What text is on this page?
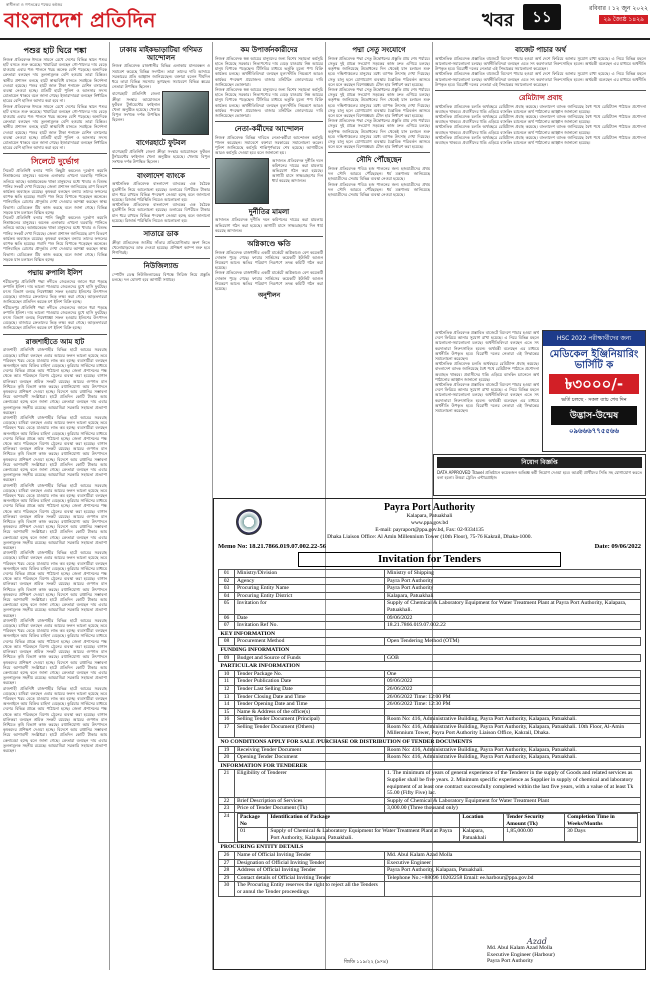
স্বাধীনতা ও গণতন্ত্রের পক্ষের কণ্ঠস্বর
বাংলাদেশ প্রতিদিন	খবর	১১	রবিবার । ১২ জুন ২০২২
২৯ জ্যৈষ্ঠ ১৪২৯
পশুর হাট ঘিরে শঙ্কা
নিজস্ব প্রতিবেদক ঈদকে সামনে রেখে দেশের বিভিন্ন স্থানে পশুর হাট বসতে শুরু করেছে। খামারিরা বলছেন গো-খাদ্যের দাম বেড়ে যাওয়ায় এবার পশু পালনে খরচ অনেক বেশি পড়েছে। অন্যদিকে ক্রেতারা বলছেন দাম তুলনামূলক বেশি হওয়ায় তারা চিন্তিত। স্থানীয় প্রশাসন বলছে হাটে স্বাস্থ্যবিধি মানতে সবাইকে নির্দেশনা দেওয়া হয়েছে। পশুর হাটে জাল টাকা শনাক্তে মেশিন বসানোর ব্যবস্থা নেওয়া হচ্ছে। প্রতিটি হাটে পুলিশ ও আনসার সদস্য মোতায়েন থাকবে বলে জানা গেছে। ইজারাদাররা বলছেন নির্ধারিত হারের বেশি হাসিল আদায় করা হবে না।
নিজস্ব প্রতিবেদক ঈদকে সামনে রেখে দেশের বিভিন্ন স্থানে পশুর হাট বসতে শুরু করেছে। খামারিরা বলছেন গো-খাদ্যের দাম বেড়ে যাওয়ায় এবার পশু পালনে খরচ অনেক বেশি পড়েছে। অন্যদিকে ক্রেতারা বলছেন দাম তুলনামূলক বেশি হওয়ায় তারা চিন্তিত। স্থানীয় প্রশাসন বলছে হাটে স্বাস্থ্যবিধি মানতে সবাইকে নির্দেশনা দেওয়া হয়েছে। পশুর হাটে জাল টাকা শনাক্তে মেশিন বসানোর ব্যবস্থা নেওয়া হচ্ছে। প্রতিটি হাটে পুলিশ ও আনসার সদস্য মোতায়েন থাকবে বলে জানা গেছে। ইজারাদাররা বলছেন নির্ধারিত হারের বেশি হাসিল আদায় করা হবে না।
সিলেটে দুর্ভোগ
সিলেট প্রতিনিধি বন্যার পানি কিছুটা কমলেও দুর্ভোগ কমেনি নিম্নাঞ্চলের মানুষের। অনেক এলাকায় এখনো ঘরবাড়ি পানিতে তলিয়ে আছে। আশ্রয়কেন্দ্রে থাকা মানুষদের মধ্যে খাবার ও বিশুদ্ধ পানির সংকট দেখা দিয়েছে। জেলা প্রশাসন জানিয়েছে ত্রাণ বিতরণ কার্যক্রম অব্যাহত রয়েছে। কৃষকরা বলছেন বন্যায় তাদের ফসলের ব্যাপক ক্ষতি হয়েছে। গবাদি পশু নিয়ে বিপাকে পড়েছেন অনেকে। পানিবাহিত রোগের প্রাদুর্ভাব দেখা দেওয়ার আশঙ্কা করছেন স্বাস্থ্য বিভাগ। মেডিকেল টিম কাজ করছে বলে জানা গেছে। বিভিন্ন সড়কে যান চলাচল বিঘ্নিত হচ্ছে।
সিলেট প্রতিনিধি বন্যার পানি কিছুটা কমলেও দুর্ভোগ কমেনি নিম্নাঞ্চলের মানুষের। অনেক এলাকায় এখনো ঘরবাড়ি পানিতে তলিয়ে আছে। আশ্রয়কেন্দ্রে থাকা মানুষদের মধ্যে খাবার ও বিশুদ্ধ পানির সংকট দেখা দিয়েছে। জেলা প্রশাসন জানিয়েছে ত্রাণ বিতরণ কার্যক্রম অব্যাহত রয়েছে। কৃষকরা বলছেন বন্যায় তাদের ফসলের ব্যাপক ক্ষতি হয়েছে। গবাদি পশু নিয়ে বিপাকে পড়েছেন অনেকে। পানিবাহিত রোগের প্রাদুর্ভাব দেখা দেওয়ার আশঙ্কা করছেন স্বাস্থ্য বিভাগ। মেডিকেল টিম কাজ করছে বলে জানা গেছে। বিভিন্ন সড়কে যান চলাচল বিঘ্নিত হচ্ছে।
পদ্মায় রুপালি ইলিশ
শরীয়তপুর প্রতিনিধি পদ্মা নদীতে জেলেদের জালে ধরা পড়ছে রুপালি ইলিশ। দাম ভালো পাওয়ায় জেলেদের মুখে হাসি ফুটেছে। মৎস্য বিভাগ বলছে নিষেধাজ্ঞা সফল হওয়ায় ইলিশের উৎপাদন বেড়েছে। বাজারে ক্রেতাদের ভিড় লক্ষ্য করা গেছে। আড়তদাররা জানিয়েছেন প্রতিদিন কয়েক মণ ইলিশ বিক্রি হচ্ছে।
শরীয়তপুর প্রতিনিধি পদ্মা নদীতে জেলেদের জালে ধরা পড়ছে রুপালি ইলিশ। দাম ভালো পাওয়ায় জেলেদের মুখে হাসি ফুটেছে। মৎস্য বিভাগ বলছে নিষেধাজ্ঞা সফল হওয়ায় ইলিশের উৎপাদন বেড়েছে। বাজারে ক্রেতাদের ভিড় লক্ষ্য করা গেছে। আড়তদাররা জানিয়েছেন প্রতিদিন কয়েক মণ ইলিশ বিক্রি হচ্ছে।
রাজশাহীতে আম হাট
রাজশাহী প্রতিনিধি রাজশাহীর বিভিন্ন হাটে আমের সরবরাহ বেড়েছে। চাষিরা বলছেন এবার আমের ফলন ভালো হয়েছে তবে পরিবহন খরচ বেড়ে যাওয়ায় লাভ কম হচ্ছে। ব্যবসায়ীরা বলছেন অনলাইনে আম বিক্রির চাহিদা বেড়েছে। কুরিয়ার সার্ভিসের মাধ্যমে দেশের বিভিন্ন প্রান্তে আম পাঠানো হচ্ছে। জেলা প্রশাসনের পক্ষ থেকে আম পরিবহনে বিশেষ ট্রেনের ব্যবস্থা করা হয়েছে। বাগান মালিকরা বলছেন শ্রমিক সংকট রয়েছে। আমের গুণগত মান নিশ্চিতে কৃষি বিভাগ কাজ করছে। রপ্তানিযোগ্য আম উৎপাদনে কৃষকদের প্রশিক্ষণ দেওয়া হচ্ছে। বিদেশে আম রপ্তানির সম্ভাবনা নিয়ে আশাবাদী সংশ্লিষ্টরা। হাটে প্রতিদিন কোটি টাকার আম কেনাবেচা হচ্ছে বলে জানা গেছে। ক্রেতারা বলছেন দাম এবার তুলনামূলক সহনীয় রয়েছে। আমচাষিরা সরকারি সহায়তা প্রত্যাশা করছেন।
রাজশাহী প্রতিনিধি রাজশাহীর বিভিন্ন হাটে আমের সরবরাহ বেড়েছে। চাষিরা বলছেন এবার আমের ফলন ভালো হয়েছে তবে পরিবহন খরচ বেড়ে যাওয়ায় লাভ কম হচ্ছে। ব্যবসায়ীরা বলছেন অনলাইনে আম বিক্রির চাহিদা বেড়েছে। কুরিয়ার সার্ভিসের মাধ্যমে দেশের বিভিন্ন প্রান্তে আম পাঠানো হচ্ছে। জেলা প্রশাসনের পক্ষ থেকে আম পরিবহনে বিশেষ ট্রেনের ব্যবস্থা করা হয়েছে। বাগান মালিকরা বলছেন শ্রমিক সংকট রয়েছে। আমের গুণগত মান নিশ্চিতে কৃষি বিভাগ কাজ করছে। রপ্তানিযোগ্য আম উৎপাদনে কৃষকদের প্রশিক্ষণ দেওয়া হচ্ছে। বিদেশে আম রপ্তানির সম্ভাবনা নিয়ে আশাবাদী সংশ্লিষ্টরা। হাটে প্রতিদিন কোটি টাকার আম কেনাবেচা হচ্ছে বলে জানা গেছে। ক্রেতারা বলছেন দাম এবার তুলনামূলক সহনীয় রয়েছে। আমচাষিরা সরকারি সহায়তা প্রত্যাশা করছেন।
রাজশাহী প্রতিনিধি রাজশাহীর বিভিন্ন হাটে আমের সরবরাহ বেড়েছে। চাষিরা বলছেন এবার আমের ফলন ভালো হয়েছে তবে পরিবহন খরচ বেড়ে যাওয়ায় লাভ কম হচ্ছে। ব্যবসায়ীরা বলছেন অনলাইনে আম বিক্রির চাহিদা বেড়েছে। কুরিয়ার সার্ভিসের মাধ্যমে দেশের বিভিন্ন প্রান্তে আম পাঠানো হচ্ছে। জেলা প্রশাসনের পক্ষ থেকে আম পরিবহনে বিশেষ ট্রেনের ব্যবস্থা করা হয়েছে। বাগান মালিকরা বলছেন শ্রমিক সংকট রয়েছে। আমের গুণগত মান নিশ্চিতে কৃষি বিভাগ কাজ করছে। রপ্তানিযোগ্য আম উৎপাদনে কৃষকদের প্রশিক্ষণ দেওয়া হচ্ছে। বিদেশে আম রপ্তানির সম্ভাবনা নিয়ে আশাবাদী সংশ্লিষ্টরা। হাটে প্রতিদিন কোটি টাকার আম কেনাবেচা হচ্ছে বলে জানা গেছে। ক্রেতারা বলছেন দাম এবার তুলনামূলক সহনীয় রয়েছে। আমচাষিরা সরকারি সহায়তা প্রত্যাশা করছেন।
রাজশাহী প্রতিনিধি রাজশাহীর বিভিন্ন হাটে আমের সরবরাহ বেড়েছে। চাষিরা বলছেন এবার আমের ফলন ভালো হয়েছে তবে পরিবহন খরচ বেড়ে যাওয়ায় লাভ কম হচ্ছে। ব্যবসায়ীরা বলছেন অনলাইনে আম বিক্রির চাহিদা বেড়েছে। কুরিয়ার সার্ভিসের মাধ্যমে দেশের বিভিন্ন প্রান্তে আম পাঠানো হচ্ছে। জেলা প্রশাসনের পক্ষ থেকে আম পরিবহনে বিশেষ ট্রেনের ব্যবস্থা করা হয়েছে। বাগান মালিকরা বলছেন শ্রমিক সংকট রয়েছে। আমের গুণগত মান নিশ্চিতে কৃষি বিভাগ কাজ করছে। রপ্তানিযোগ্য আম উৎপাদনে কৃষকদের প্রশিক্ষণ দেওয়া হচ্ছে। বিদেশে আম রপ্তানির সম্ভাবনা নিয়ে আশাবাদী সংশ্লিষ্টরা। হাটে প্রতিদিন কোটি টাকার আম কেনাবেচা হচ্ছে বলে জানা গেছে। ক্রেতারা বলছেন দাম এবার তুলনামূলক সহনীয় রয়েছে। আমচাষিরা সরকারি সহায়তা প্রত্যাশা করছেন।
রাজশাহী প্রতিনিধি রাজশাহীর বিভিন্ন হাটে আমের সরবরাহ বেড়েছে। চাষিরা বলছেন এবার আমের ফলন ভালো হয়েছে তবে পরিবহন খরচ বেড়ে যাওয়ায় লাভ কম হচ্ছে। ব্যবসায়ীরা বলছেন অনলাইনে আম বিক্রির চাহিদা বেড়েছে। কুরিয়ার সার্ভিসের মাধ্যমে দেশের বিভিন্ন প্রান্তে আম পাঠানো হচ্ছে। জেলা প্রশাসনের পক্ষ থেকে আম পরিবহনে বিশেষ ট্রেনের ব্যবস্থা করা হয়েছে। বাগান মালিকরা বলছেন শ্রমিক সংকট রয়েছে। আমের গুণগত মান নিশ্চিতে কৃষি বিভাগ কাজ করছে। রপ্তানিযোগ্য আম উৎপাদনে কৃষকদের প্রশিক্ষণ দেওয়া হচ্ছে। বিদেশে আম রপ্তানির সম্ভাবনা নিয়ে আশাবাদী সংশ্লিষ্টরা। হাটে প্রতিদিন কোটি টাকার আম কেনাবেচা হচ্ছে বলে জানা গেছে। ক্রেতারা বলছেন দাম এবার তুলনামূলক সহনীয় রয়েছে। আমচাষিরা সরকারি সহায়তা প্রত্যাশা করছেন।
রাজশাহী প্রতিনিধি রাজশাহীর বিভিন্ন হাটে আমের সরবরাহ বেড়েছে। চাষিরা বলছেন এবার আমের ফলন ভালো হয়েছে তবে পরিবহন খরচ বেড়ে যাওয়ায় লাভ কম হচ্ছে। ব্যবসায়ীরা বলছেন অনলাইনে আম বিক্রির চাহিদা বেড়েছে। কুরিয়ার সার্ভিসের মাধ্যমে দেশের বিভিন্ন প্রান্তে আম পাঠানো হচ্ছে। জেলা প্রশাসনের পক্ষ থেকে আম পরিবহনে বিশেষ ট্রেনের ব্যবস্থা করা হয়েছে। বাগান মালিকরা বলছেন শ্রমিক সংকট রয়েছে। আমের গুণগত মান নিশ্চিতে কৃষি বিভাগ কাজ করছে। রপ্তানিযোগ্য আম উৎপাদনে কৃষকদের প্রশিক্ষণ দেওয়া হচ্ছে। বিদেশে আম রপ্তানির সম্ভাবনা নিয়ে আশাবাদী সংশ্লিষ্টরা। হাটে প্রতিদিন কোটি টাকার আম কেনাবেচা হচ্ছে বলে জানা গেছে। ক্রেতারা বলছেন দাম এবার তুলনামূলক সহনীয় রয়েছে। আমচাষিরা সরকারি সহায়তা প্রত্যাশা করছেন।
ঢাকায় মাইকভাড়াটিয়া গণিমত আন্দোলন
নিজস্ব প্রতিবেদক রাজধানীর বিভিন্ন এলাকায় মানববন্ধন ও সমাবেশ করেছে বিভিন্ন সংগঠন। তারা তাদের দাবি আদায়ে সরকারের প্রতি আহ্বান জানিয়েছেন। বক্তারা বলেন দীর্ঘদিন ধরে তারা বিভিন্ন সমস্যায় ভুগছেন। সমাবেশে বিভিন্ন স্তরের নেতারা উপস্থিত ছিলেন।
বাগেরহাট প্রতিনিধি জেলা ক্রীড়া সংস্থার আয়োজনে ফুটবল টুর্নামেন্টের ফাইনাল খেলা অনুষ্ঠিত হয়েছে। খেলায় বিপুল সংখ্যক দর্শক উপস্থিত ছিলেন।
বাগেরহাটে ফুটবল
বাগেরহাট প্রতিনিধি জেলা ক্রীড়া সংস্থার আয়োজনে ফুটবল টুর্নামেন্টের ফাইনাল খেলা অনুষ্ঠিত হয়েছে। খেলায় বিপুল সংখ্যক দর্শক উপস্থিত ছিলেন।
বাংলাদেশ ব্যাংকে
অর্থনৈতিক প্রতিবেদক বাংলাদেশ ব্যাংকের এক বৈঠকে মুদ্রানীতি নিয়ে আলোচনা হয়েছে। ডলারের বিপরীতে টাকার মান ধরে রাখতে বিভিন্ন পদক্ষেপ নেওয়া হচ্ছে বলে জানানো হয়েছে। রিজার্ভ পরিস্থিতি নিয়েও আলোচনা হয়।
অর্থনৈতিক প্রতিবেদক বাংলাদেশ ব্যাংকের এক বৈঠকে মুদ্রানীতি নিয়ে আলোচনা হয়েছে। ডলারের বিপরীতে টাকার মান ধরে রাখতে বিভিন্ন পদক্ষেপ নেওয়া হচ্ছে বলে জানানো হয়েছে। রিজার্ভ পরিস্থিতি নিয়েও আলোচনা হয়।
সাতারে ডাক
ক্রীড়া প্রতিবেদক জাতীয় সাঁতার প্রতিযোগিতায় অংশ নিতে খেলোয়াড়দের ডাক দেওয়া হয়েছে। প্রশিক্ষণ ক্যাম্প শুরু হবে শিগগিরই।
নিউজিল্যান্ড
স্পোর্টস ডেস্ক নিউজিল্যান্ডের বিপক্ষে সিরিজ নিয়ে প্রস্তুতি চলছে। দল ঘোষণা হবে আগামী সপ্তাহে।
কম উপার্জনকারীদের
নিজস্ব প্রতিবেদক স্বল্প আয়ের মানুষদের জন্য বিশেষ সহায়তা কর্মসূচি হাতে নিয়েছে সরকার। নিত্যপণ্যের দাম বেড়ে যাওয়ায় নিম্ন আয়ের মানুষ বিপাকে পড়েছেন। টিসিবির মাধ্যমে ভর্তুকি মূল্যে পণ্য বিক্রি কার্যক্রম চলছে। অর্থনীতিবিদরা বলছেন মূল্যস্ফীতি নিয়ন্ত্রণে আরও কার্যকর পদক্ষেপ প্রয়োজন। বাজার মনিটরিং জোরদারের দাবি জানিয়েছেন ভোক্তারা।
নিজস্ব প্রতিবেদক স্বল্প আয়ের মানুষদের জন্য বিশেষ সহায়তা কর্মসূচি হাতে নিয়েছে সরকার। নিত্যপণ্যের দাম বেড়ে যাওয়ায় নিম্ন আয়ের মানুষ বিপাকে পড়েছেন। টিসিবির মাধ্যমে ভর্তুকি মূল্যে পণ্য বিক্রি কার্যক্রম চলছে। অর্থনীতিবিদরা বলছেন মূল্যস্ফীতি নিয়ন্ত্রণে আরও কার্যকর পদক্ষেপ প্রয়োজন। বাজার মনিটরিং জোরদারের দাবি জানিয়েছেন ভোক্তারা।
নেতা-কর্মীদের আন্দোলন
নিজস্ব প্রতিবেদক বিভিন্ন দাবিতে নেতা-কর্মীরা আন্দোলন কর্মসূচি পালন করেছেন। সমাবেশে বক্তারা সরকারের সমালোচনা করেন। পুলিশ জানিয়েছে কর্মসূচি শান্তিপূর্ণভাবে শেষ হয়েছে। আগামীতে আরও কর্মসূচি দেওয়া হবে বলে জানানো হয়।
আদালত প্রতিবেদক দুর্নীতি দমন কমিশনের দায়ের করা মামলায় অভিযোগ গঠন করা হয়েছে। আগামী মাসে সাক্ষ্যগ্রহণের দিন ধার্য করেছে আদালত।
দুর্নীতির মামলা
আদালত প্রতিবেদক দুর্নীতি দমন কমিশনের দায়ের করা মামলায় অভিযোগ গঠন করা হয়েছে। আগামী মাসে সাক্ষ্যগ্রহণের দিন ধার্য করেছে আদালত।
অগ্নিকাণ্ডে ক্ষতি
নিজস্ব প্রতিবেদক রাজধানীর একটি মার্কেটে অগ্নিকাণ্ডে বেশ কয়েকটি দোকান পুড়ে গেছে। ফায়ার সার্ভিসের কয়েকটি ইউনিট আগুন নিয়ন্ত্রণে আনে। ক্ষতির পরিমাণ নিরূপণে তদন্ত কমিটি গঠন করা হয়েছে।
নিজস্ব প্রতিবেদক রাজধানীর একটি মার্কেটে অগ্নিকাণ্ডে বেশ কয়েকটি দোকান পুড়ে গেছে। ফায়ার সার্ভিসের কয়েকটি ইউনিট আগুন নিয়ন্ত্রণে আনে। ক্ষতির পরিমাণ নিরূপণে তদন্ত কমিটি গঠন করা হয়েছে।
অনুশীলন
পদ্মা সেতু সংযোগে
নিজস্ব প্রতিবেদক পদ্মা সেতু উদ্বোধনের প্রস্তুতি প্রায় শেষ পর্যায়ে। সেতুর দুই প্রান্তে সংযোগ সড়কের কাজ দ্রুত এগিয়ে চলছে। কর্তৃপক্ষ জানিয়েছে উদ্বোধনের দিন থেকেই যান চলাচল শুরু হবে। দক্ষিণাঞ্চলের মানুষের মধ্যে ব্যাপক উৎসাহ দেখা দিয়েছে। সেতু চালু হলে যোগাযোগ ব্যবস্থায় বৈপ্লবিক পরিবর্তন আসবে বলে মনে করছেন বিশেষজ্ঞরা। টোল হার নির্ধারণ করা হয়েছে।
নিজস্ব প্রতিবেদক পদ্মা সেতু উদ্বোধনের প্রস্তুতি প্রায় শেষ পর্যায়ে। সেতুর দুই প্রান্তে সংযোগ সড়কের কাজ দ্রুত এগিয়ে চলছে। কর্তৃপক্ষ জানিয়েছে উদ্বোধনের দিন থেকেই যান চলাচল শুরু হবে। দক্ষিণাঞ্চলের মানুষের মধ্যে ব্যাপক উৎসাহ দেখা দিয়েছে। সেতু চালু হলে যোগাযোগ ব্যবস্থায় বৈপ্লবিক পরিবর্তন আসবে বলে মনে করছেন বিশেষজ্ঞরা। টোল হার নির্ধারণ করা হয়েছে।
নিজস্ব প্রতিবেদক পদ্মা সেতু উদ্বোধনের প্রস্তুতি প্রায় শেষ পর্যায়ে। সেতুর দুই প্রান্তে সংযোগ সড়কের কাজ দ্রুত এগিয়ে চলছে। কর্তৃপক্ষ জানিয়েছে উদ্বোধনের দিন থেকেই যান চলাচল শুরু হবে। দক্ষিণাঞ্চলের মানুষের মধ্যে ব্যাপক উৎসাহ দেখা দিয়েছে। সেতু চালু হলে যোগাযোগ ব্যবস্থায় বৈপ্লবিক পরিবর্তন আসবে বলে মনে করছেন বিশেষজ্ঞরা। টোল হার নির্ধারণ করা হয়েছে।
সৌদি পৌঁছেছেন
নিজস্ব প্রতিবেদক পবিত্র হজ পালনের জন্য হজযাত্রীদের প্রথম দল সৌদি আরবে পৌঁছেছেন। ধর্ম মন্ত্রণালয় জানিয়েছে হজযাত্রীদের সেবায় বিভিন্ন ব্যবস্থা নেওয়া হয়েছে।
নিজস্ব প্রতিবেদক পবিত্র হজ পালনের জন্য হজযাত্রীদের প্রথম দল সৌদি আরবে পৌঁছেছেন। ধর্ম মন্ত্রণালয় জানিয়েছে হজযাত্রীদের সেবায় বিভিন্ন ব্যবস্থা নেওয়া হয়েছে।
বাজেট পাচার অর্থ
অর্থনৈতিক প্রতিবেদক প্রস্তাবিত বাজেটে বিদেশে পাচার হওয়া অর্থ দেশে ফিরিয়ে আনার সুযোগ রাখা হয়েছে। এ নিয়ে বিভিন্ন মহলে আলোচনা-সমালোচনা চলছে। অর্থনীতিবিদরা বলছেন এতে সৎ করদাতারা নিরুৎসাহিত হবেন। অর্থমন্ত্রী বলেছেন এর মাধ্যমে অর্থনীতি উপকৃত হবে। বিরোধী দলের নেতারা এই সিদ্ধান্তের সমালোচনা করেছেন।
অর্থনৈতিক প্রতিবেদক প্রস্তাবিত বাজেটে বিদেশে পাচার হওয়া অর্থ দেশে ফিরিয়ে আনার সুযোগ রাখা হয়েছে। এ নিয়ে বিভিন্ন মহলে আলোচনা-সমালোচনা চলছে। অর্থনীতিবিদরা বলছেন এতে সৎ করদাতারা নিরুৎসাহিত হবেন। অর্থমন্ত্রী বলেছেন এর মাধ্যমে অর্থনীতি উপকৃত হবে। বিরোধী দলের নেতারা এই সিদ্ধান্তের সমালোচনা করেছেন।
রেমিট্যান্স প্রবাহ
অর্থনৈতিক প্রতিবেদক চলতি অর্থবছরে রেমিট্যান্স প্রবাহ কমেছে। বাংলাদেশ ব্যাংক জানিয়েছে বৈধ পথে রেমিট্যান্স পাঠাতে প্রণোদনা অব্যাহত থাকবে। প্রবাসীদের হুন্ডি এড়িয়ে ব্যাংকিং চ্যানেলে অর্থ পাঠানোর আহ্বান জানানো হয়েছে।
অর্থনৈতিক প্রতিবেদক চলতি অর্থবছরে রেমিট্যান্স প্রবাহ কমেছে। বাংলাদেশ ব্যাংক জানিয়েছে বৈধ পথে রেমিট্যান্স পাঠাতে প্রণোদনা অব্যাহত থাকবে। প্রবাসীদের হুন্ডি এড়িয়ে ব্যাংকিং চ্যানেলে অর্থ পাঠানোর আহ্বান জানানো হয়েছে।
অর্থনৈতিক প্রতিবেদক চলতি অর্থবছরে রেমিট্যান্স প্রবাহ কমেছে। বাংলাদেশ ব্যাংক জানিয়েছে বৈধ পথে রেমিট্যান্স পাঠাতে প্রণোদনা অব্যাহত থাকবে। প্রবাসীদের হুন্ডি এড়িয়ে ব্যাংকিং চ্যানেলে অর্থ পাঠানোর আহ্বান জানানো হয়েছে।
অর্থনৈতিক প্রতিবেদক চলতি অর্থবছরে রেমিট্যান্স প্রবাহ কমেছে। বাংলাদেশ ব্যাংক জানিয়েছে বৈধ পথে রেমিট্যান্স পাঠাতে প্রণোদনা অব্যাহত থাকবে। প্রবাসীদের হুন্ডি এড়িয়ে ব্যাংকিং চ্যানেলে অর্থ পাঠানোর আহ্বান জানানো হয়েছে।
অর্থনৈতিক প্রতিবেদক প্রস্তাবিত বাজেটে বিদেশে পাচার হওয়া অর্থ দেশে ফিরিয়ে আনার সুযোগ রাখা হয়েছে। এ নিয়ে বিভিন্ন মহলে আলোচনা-সমালোচনা চলছে। অর্থনীতিবিদরা বলছেন এতে সৎ করদাতারা নিরুৎসাহিত হবেন। অর্থমন্ত্রী বলেছেন এর মাধ্যমে অর্থনীতি উপকৃত হবে। বিরোধী দলের নেতারা এই সিদ্ধান্তের সমালোচনা করেছেন।
অর্থনৈতিক প্রতিবেদক চলতি অর্থবছরে রেমিট্যান্স প্রবাহ কমেছে। বাংলাদেশ ব্যাংক জানিয়েছে বৈধ পথে রেমিট্যান্স পাঠাতে প্রণোদনা অব্যাহত থাকবে। প্রবাসীদের হুন্ডি এড়িয়ে ব্যাংকিং চ্যানেলে অর্থ পাঠানোর আহ্বান জানানো হয়েছে।
অর্থনৈতিক প্রতিবেদক প্রস্তাবিত বাজেটে বিদেশে পাচার হওয়া অর্থ দেশে ফিরিয়ে আনার সুযোগ রাখা হয়েছে। এ নিয়ে বিভিন্ন মহলে আলোচনা-সমালোচনা চলছে। অর্থনীতিবিদরা বলছেন এতে সৎ করদাতারা নিরুৎসাহিত হবেন। অর্থমন্ত্রী বলেছেন এর মাধ্যমে অর্থনীতি উপকৃত হবে। বিরোধী দলের নেতারা এই সিদ্ধান্তের সমালোচনা করেছেন।
HSC 2022 পরীক্ষার্থীদের জন্য
মেডিকেল ইঞ্জিনিয়ারিং ভার্সিটি ক
৳৩০০০/-
ভর্তি চলছে · সকল ব্যাচ শেষ দিন
উদ্ভাস-উন্মেষ
০৯৬৬৬৭৭৫৫৬৬
নিয়োগ বিজ্ঞপ্তি
DATA APPROVED Travel প্রতিষ্ঠানে কয়েকজন অভিজ্ঞ কর্মী নিয়োগ দেওয়া হবে। আগ্রহী প্রার্থীদের সিভি সহ যোগাযোগ করতে বলা হলো। উত্তরা ট্রেডিং এন্টারপ্রাইজ
Payra Port Authority
Kalapara, Patuakhali
www.ppa.gov.bd
E-mail: payraport@ppa.gov.bd, Fax: 02-9334135
Dhaka Liaison Office: Al Amin Millennium Tower (10th Floor), 75-76 Kakrail, Dhaka-1000.
Memo No: 18.21.7866.019.07.002.22-56	Date: 09/06/2022
Invitation for Tenders
01	Ministry/Division	Ministry of Shipping
02	Agency	Payra Port Authority
03	Procuring Entity Name	Payra Port Authority
04	Procuring Entity District	Kalapara, Patuakhali
05	Invitation for	Supply of Chemical & Laboratory Equipment for Water Treatment Plant at Payra Port Authority, Kalapara, Patuakhali.
06	Date	09/06/2022
07	Invitation Ref No.	18.21.7866.019.07.002.22
KEY INFORMATION
08	Procurement Method	Open Tendering Method (OTM)
FUNDING INFORMATION
09	Budget and Source of Funds	GOB
PARTICULAR INFORMATION
10	Tender Package No.	One
11	Tender Publication Date	09/06/2022
12	Tender Last Selling Date	26/06/2022
13	Tender Closing Date and Time	26/06/2022 Time: 12:00 PM
14	Tender Opening Date and Time	26/06/2022 Time: 12:30 PM
15	Name & Address of the office(s)	
16	Selling Tender Document (Principal)	Room No: 416, Administrative Building, Payra Port Authority, Kalapara, Patuakhali.
17	Selling Tender Document (Others)	Room No: 416, Administrative Building, Payra Port Authority, Kalapara, Patuakhali. 10th Floor, Al-Amin Millennium Tower, Payra Port Authority Liaison Office, Kakrail, Dhaka.
NO CONDITIONS APPLY FOR SALE /PURCHASE OR DISTRIBUTION OF TENDER DOCUMENTS
19	Receiving Tender Document	Room No: 416, Administrative Building, Payra Port Authority, Kalapara, Patuakhali.
20	Opening Tender Document	Room No: 416, Administrative Building, Payra Port Authority, Kalapara, Patuakhali.
INFORMATION FOR TENDERER
21	Eligibility of Tenderer	1. The minimum of years of general experience of the Tenderer in the supply of Goods and related services as Supplier shall be five years. 2. Minimum specific experience as Supplier in supply of chemical and laboratory equipment of at least one contract successfully completed within the last five years, with a value of at least Tk 55.00 (Fifty Five) lac.
22	Brief Description of Services	Supply of Chemical & Laboratory Equipment for Water Treatment Plant
23	Price of Tender Document (Tk)	3,000.00 (Three thousand only)
24	Package No	Identification of Package	Location	Tender Security Amount (Tk)	Completion Time in Weeks/Months
01	Supply of Chemical & Laboratory Equipment for Water Treatment Plant at Payra Port Authority, Kalapara, Patuakhali.	Kalapara, Patuakhali	1,85,000.00	30 Days

PROCURING ENTITY DETAILS
26	Name of Official Inviting Tender	Md. Abul Kalam Azad Molla
27	Designation of Official Inviting Tender	Executive Engineer
28	Address of Official Inviting Tender	Payra Port Authority, Kalapara, Patuakhali.
29	Contact details of Official Inviting Tender	Telephone No.:+88096 10202258 Email: ee.harbour@ppa.gov.bd
30	The Procuring Entity reserves the right to reject all the Tenders or annul the Tender proceedings	
Azad
Md. Abul Kalam Azad Molla
Executive Engineer (Harbour)
Payra Port Authority
জিডি ১১৯/২২ (৯×৪)
